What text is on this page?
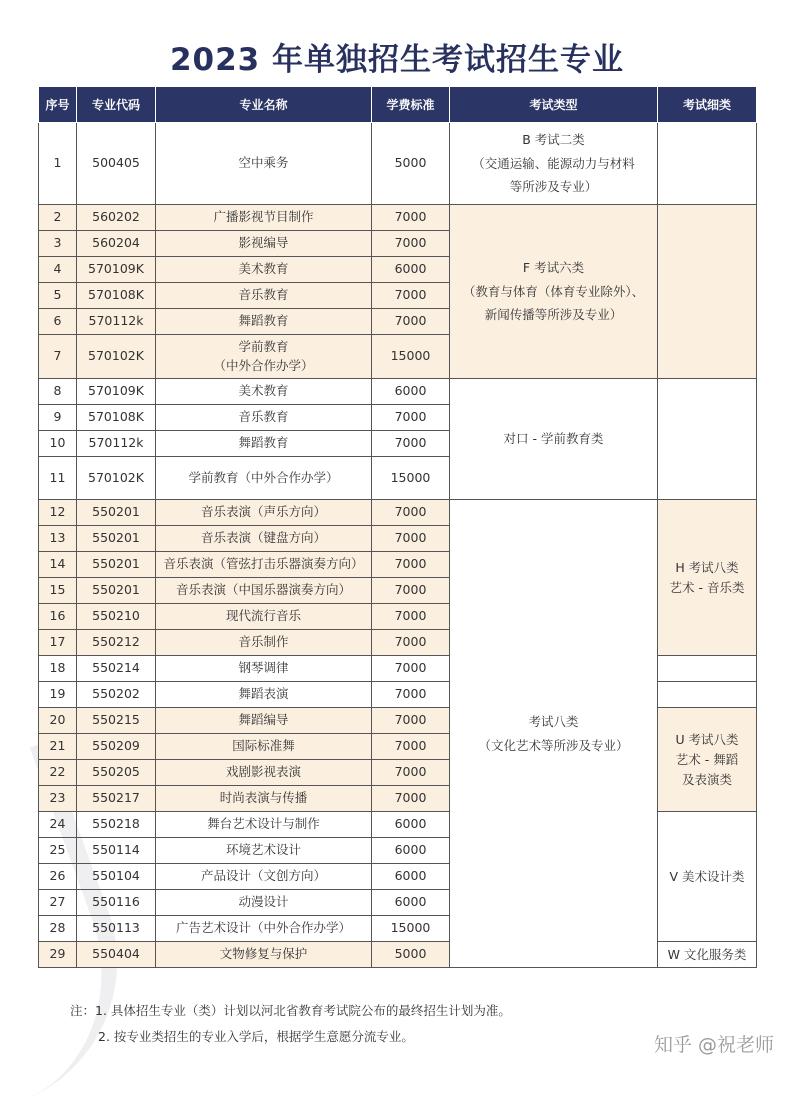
2023 年单独招生考试招生专业
序号	专业代码	专业名称	学费标准	考试类型	考试细类
1	500405	空中乘务	5000	B 考试二类
（交通运输、能源动力与材料
等所涉及专业）	
2	560202	广播影视节目制作	7000	F 考试六类
（教育与体育（体育专业除外）、
新闻传播等所涉及专业）	
3	560204	影视编导	7000		
4	570109K	美术教育	6000		
5	570108K	音乐教育	7000		
6	570112k	舞蹈教育	7000		
7	570102K	学前教育
（中外合作办学）	15000		
8	570109K	美术教育	6000	对口 - 学前教育类	
9	570108K	音乐教育	7000		
10	570112k	舞蹈教育	7000		
11	570102K	学前教育（中外合作办学）	15000		
12	550201	音乐表演（声乐方向）	7000	考试八类
（文化艺术等所涉及专业）	H 考试八类
艺术 - 音乐类
13	550201	音乐表演（键盘方向）	7000		
14	550201	音乐表演（管弦打击乐器演奏方向）	7000		
15	550201	音乐表演（中国乐器演奏方向）	7000		
16	550210	现代流行音乐	7000		
17	550212	音乐制作	7000		
18	550214	钢琴调律	7000		
19	550202	舞蹈表演	7000		
20	550215	舞蹈编导	7000		U 考试八类
艺术 - 舞蹈
及表演类
21	550209	国际标准舞	7000		
22	550205	戏剧影视表演	7000		
23	550217	时尚表演与传播	7000		
24	550218	舞台艺术设计与制作	6000		V 美术设计类
25	550114	环境艺术设计	6000		
26	550104	产品设计（文创方向）	6000		
27	550116	动漫设计	6000		
28	550113	广告艺术设计（中外合作办学）	15000		
29	550404	文物修复与保护	5000		W 文化服务类
注：1. 具体招生专业（类）计划以河北省教育考试院公布的最终招生计划为准。
2. 按专业类招生的专业入学后，根据学生意愿分流专业。	知乎 @祝老师
